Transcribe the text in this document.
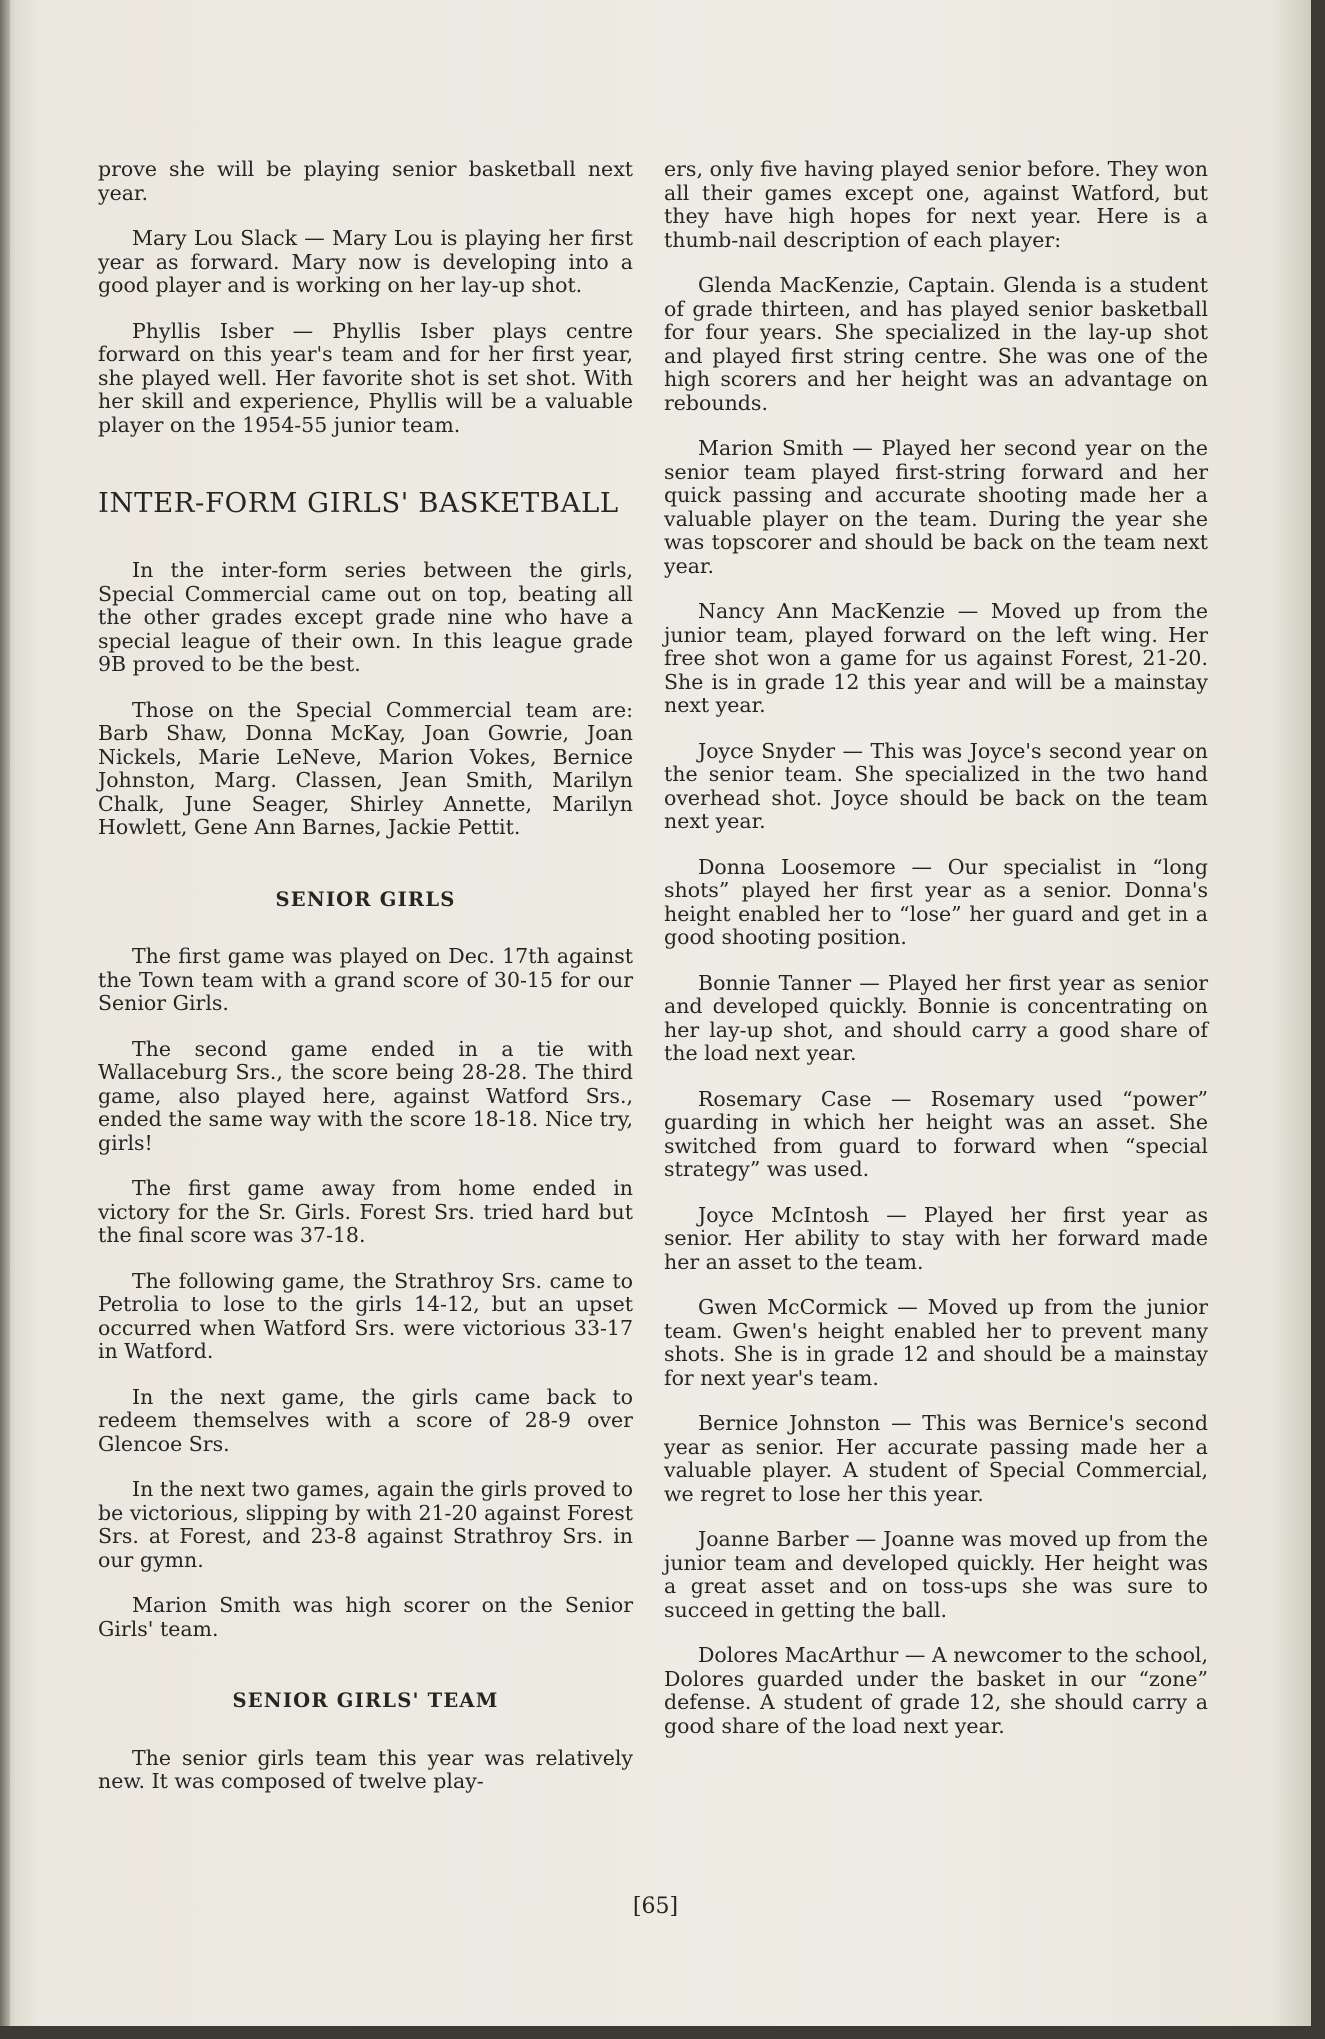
prove she will be playing senior basketball next year.

Mary Lou Slack — Mary Lou is playing her first year as forward. Mary now is developing into a good player and is working on her lay-up shot.

Phyllis Isber — Phyllis Isber plays centre forward on this year's team and for her first year, she played well. Her favorite shot is set shot. With her skill and experience, Phyllis will be a valuable player on the 1954-55 junior team.

INTER-FORM GIRLS' BASKETBALL

In the inter-form series between the girls, Special Commercial came out on top, beating all the other grades except grade nine who have a special league of their own. In this league grade 9B proved to be the best.

Those on the Special Commercial team are: Barb Shaw, Donna McKay, Joan Gowrie, Joan Nickels, Marie LeNeve, Marion Vokes, Bernice Johnston, Marg. Classen, Jean Smith, Marilyn Chalk, June Seager, Shirley Annette, Marilyn Howlett, Gene Ann Barnes, Jackie Pettit.

SENIOR GIRLS

The first game was played on Dec. 17th against the Town team with a grand score of 30-15 for our Senior Girls.

The second game ended in a tie with Wallaceburg Srs., the score being 28-28. The third game, also played here, against Watford Srs., ended the same way with the score 18-18. Nice try, girls!

The first game away from home ended in victory for the Sr. Girls. Forest Srs. tried hard but the final score was 37-18.

The following game, the Strathroy Srs. came to Petrolia to lose to the girls 14-12, but an upset occurred when Watford Srs. were victorious 33-17 in Watford.

In the next game, the girls came back to redeem themselves with a score of 28-9 over Glencoe Srs.

In the next two games, again the girls proved to be victorious, slipping by with 21-20 against Forest Srs. at Forest, and 23-8 against Strathroy Srs. in our gymn.

Marion Smith was high scorer on the Senior Girls' team.

SENIOR GIRLS' TEAM

The senior girls team this year was relatively new. It was composed of twelve play-

ers, only five having played senior before. They won all their games except one, against Watford, but they have high hopes for next year. Here is a thumb-nail description of each player:

Glenda MacKenzie, Captain. Glenda is a student of grade thirteen, and has played senior basketball for four years. She specialized in the lay-up shot and played first string centre. She was one of the high scorers and her height was an advantage on rebounds.

Marion Smith — Played her second year on the senior team played first-string forward and her quick passing and accurate shooting made her a valuable player on the team. During the year she was topscorer and should be back on the team next year.

Nancy Ann MacKenzie — Moved up from the junior team, played forward on the left wing. Her free shot won a game for us against Forest, 21-20. She is in grade 12 this year and will be a mainstay next year.

Joyce Snyder — This was Joyce's second year on the senior team. She specialized in the two hand overhead shot. Joyce should be back on the team next year.

Donna Loosemore — Our specialist in “long shots” played her first year as a senior. Donna's height enabled her to “lose” her guard and get in a good shooting position.

Bonnie Tanner — Played her first year as senior and developed quickly. Bonnie is concentrating on her lay-up shot, and should carry a good share of the load next year.

Rosemary Case — Rosemary used “power” guarding in which her height was an asset. She switched from guard to forward when “special strategy” was used.

Joyce McIntosh — Played her first year as senior. Her ability to stay with her forward made her an asset to the team.

Gwen McCormick — Moved up from the junior team. Gwen's height enabled her to prevent many shots. She is in grade 12 and should be a mainstay for next year's team.

Bernice Johnston — This was Bernice's second year as senior. Her accurate passing made her a valuable player. A student of Special Commercial, we regret to lose her this year.

Joanne Barber — Joanne was moved up from the junior team and developed quickly. Her height was a great asset and on toss-ups she was sure to succeed in getting the ball.

Dolores MacArthur — A newcomer to the school, Dolores guarded under the basket in our “zone” defense. A student of grade 12, she should carry a good share of the load next year.

[65]
